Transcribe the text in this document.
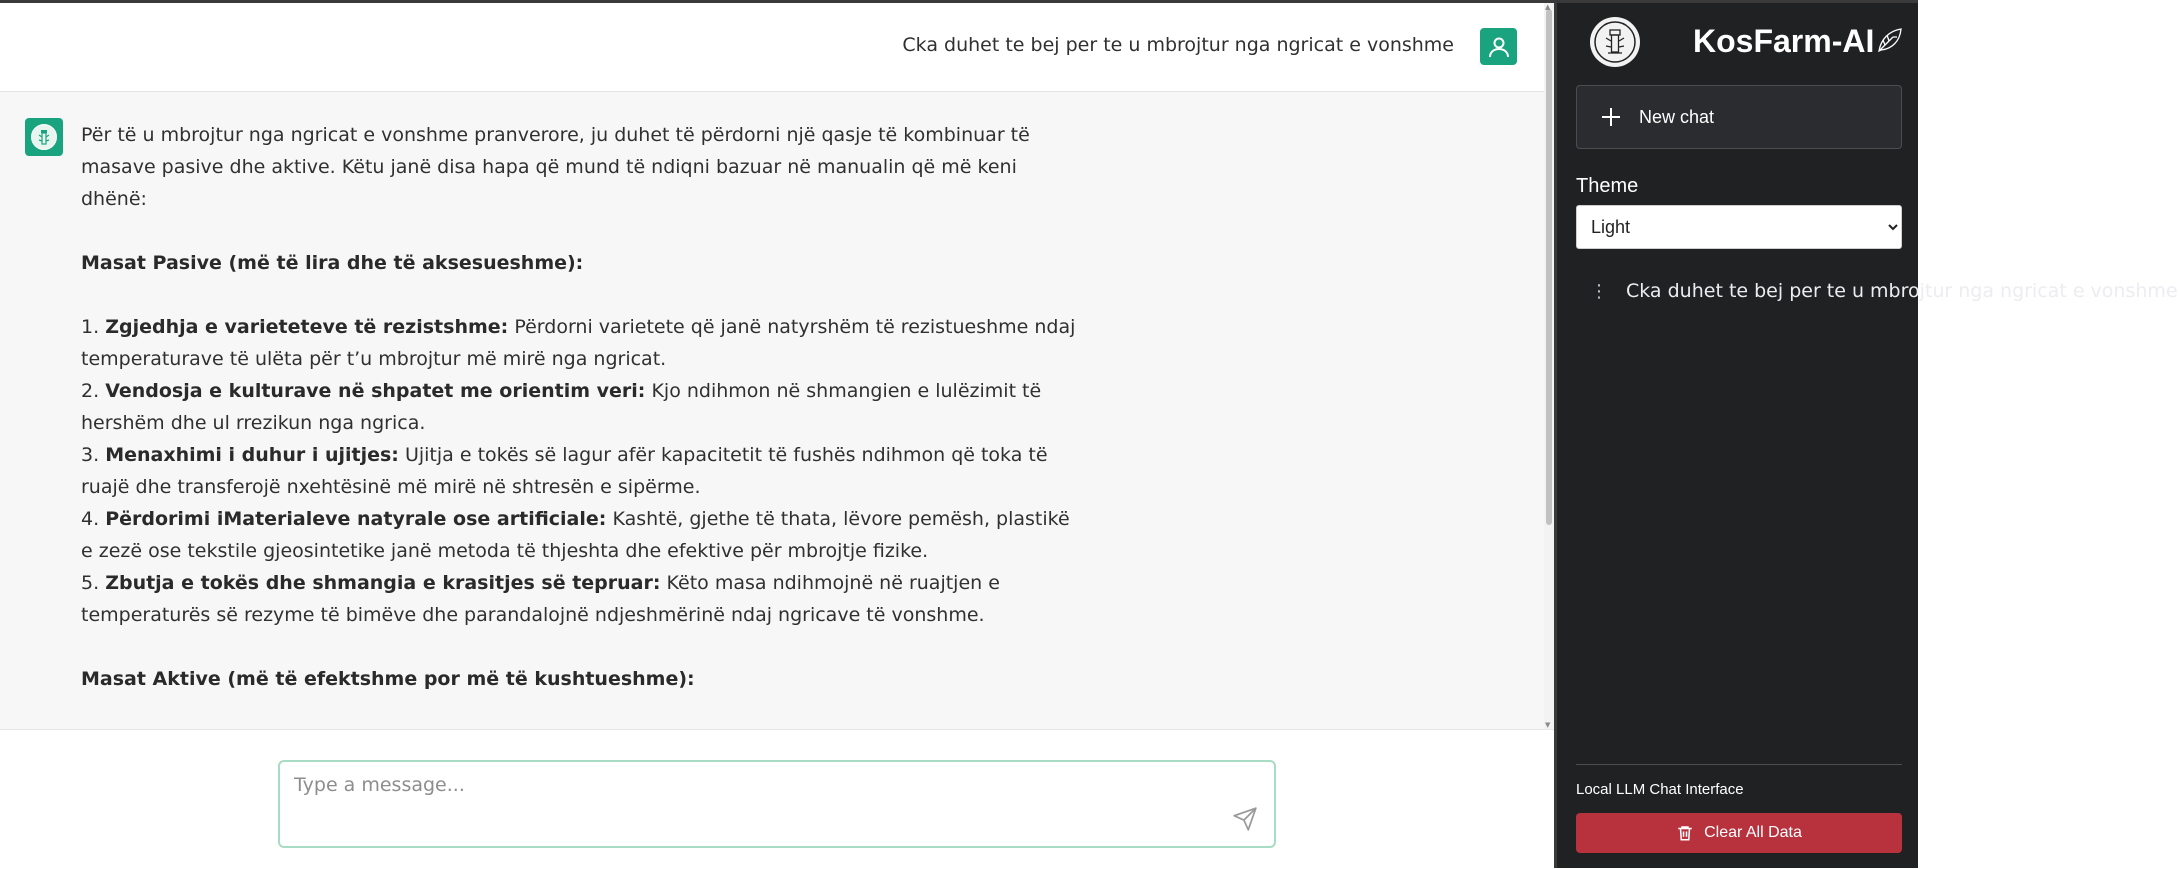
Cka duhet te bej per te u mbrojtur nga ngricat e vonshme

Për të u mbrojtur nga ngricat e vonshme pranverore, ju duhet të përdorni një qasje të kombinuar të masave pasive dhe aktive. Këtu janë disa hapa që mund të ndiqni bazuar në manualin që më keni dhënë:

Masat Pasive (më të lira dhe të aksesueshme):

1. Zgjedhja e varieteteve të rezistshme: Përdorni varietete që janë natyrshëm të rezistueshme ndaj temperaturave të ulëta për t’u mbrojtur më mirë nga ngricat.

2. Vendosja e kulturave në shpatet me orientim veri: Kjo ndihmon në shmangien e lulëzimit të hershëm dhe ul rrezikun nga ngrica.

3. Menaxhimi i duhur i ujitjes: Ujitja e tokës së lagur afër kapacitetit të fushës ndihmon që toka të ruajë dhe transferojë nxehtësinë më mirë në shtresën e sipërme.

4. Përdorimi iMaterialeve natyrale ose artificiale: Kashtë, gjethe të thata, lëvore pemësh, plastikë e zezë ose tekstile gjeosintetike janë metoda të thjeshta dhe efektive për mbrojtje fizike.

5. Zbutja e tokës dhe shmangia e krasitjes së tepruar: Këto masa ndihmojnë në ruajtjen e temperaturës së rezyme të bimëve dhe parandalojnë ndjeshmërinë ndaj ngricave të vonshme.

Masat Aktive (më të efektshme por më të kushtueshme):

▲
▼
Type a message...
KosFarm-AI
New chat
Theme
Light
⋮ Cka duhet te bej per te u mbrojtur nga ngricat e vonshme
Local LLM Chat Interface
Clear All Data
